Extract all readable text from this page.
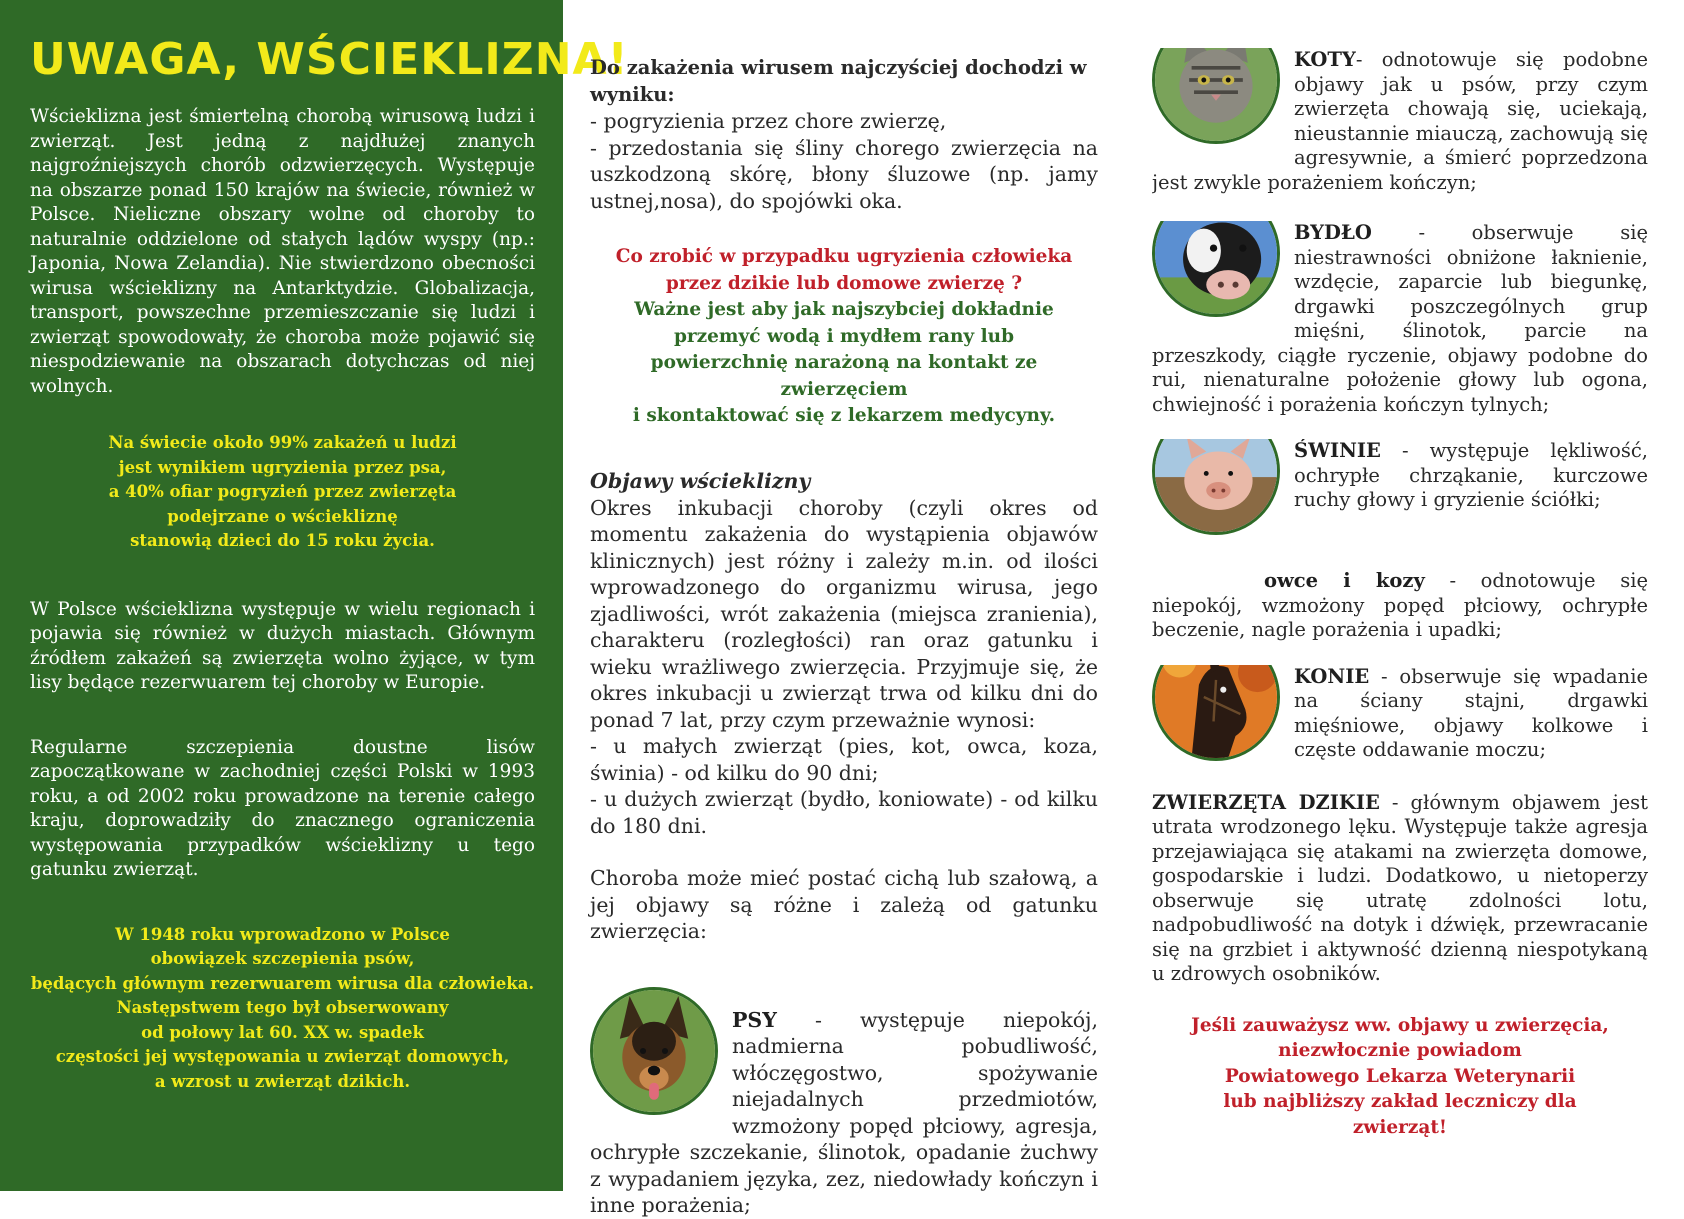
UWAGA, WŚCIEKLIZNA!

Wścieklizna jest śmiertelną chorobą wirusową ludzi i zwierząt. Jest jedną z najdłużej znanych najgroźniejszych chorób odzwierzęcych. Występuje na obszarze ponad 150 krajów na świecie, również w Polsce. Nieliczne obszary wolne od choroby to naturalnie oddzielone od stałych lądów wyspy (np.: Japonia, Nowa Zelandia). Nie stwierdzono obecności wirusa wścieklizny na Antarktydzie. Globalizacja, transport, powszechne przemieszczanie się ludzi i zwierząt spowodowały, że choroba może pojawić się niespodziewanie na obszarach dotychczas od niej wolnych.

Na świecie około 99% zakażeń u ludzi
jest wynikiem ugryzienia przez psa,
a 40% ofiar pogryzień przez zwierzęta
podejrzane o wściekliznę
stanowią dzieci do 15 roku życia.

W Polsce wścieklizna występuje w wielu regionach i pojawia się również w dużych miastach. Głównym źródłem zakażeń są zwierzęta wolno żyjące, w tym lisy będące rezerwuarem tej choroby w Europie.

Regularne szczepienia doustne lisów zapoczątkowane w zachodniej części Polski w 1993 roku, a od 2002 roku prowadzone na terenie całego kraju, doprowadziły do znacznego ograniczenia występowania przypadków wścieklizny u tego gatunku zwierząt.

W 1948 roku wprowadzono w Polsce
obowiązek szczepienia psów,
będących głównym rezerwuarem wirusa dla człowieka.
Następstwem tego był obserwowany
od połowy lat 60. XX w. spadek
częstości jej występowania u zwierząt domowych,
a wzrost u zwierząt dzikich.
Do zakażenia wirusem najczyściej dochodzi w wyniku:
- pogryzienia przez chore zwierzę,
- przedostania się śliny chorego zwierzęcia na uszkodzoną skórę, błony śluzowe (np. jamy ustnej,nosa), do spojówki oka.
Co zrobić w przypadku ugryzienia człowieka
przez dzikie lub domowe zwierzę ?
Ważne jest aby jak najszybciej dokładnie
przemyć wodą i mydłem rany lub
powierzchnię narażoną na kontakt ze
zwierzęciem
i skontaktować się z lekarzem medycyny.
Objawy wścieklizny
Okres inkubacji choroby (czyli okres od momentu zakażenia do wystąpienia objawów klinicznych) jest różny i zależy m.in. od ilości wprowadzonego do organizmu wirusa, jego zjadliwości, wrót zakażenia (miejsca zranienia), charakteru (rozległości) ran oraz gatunku i wieku wrażliwego zwierzęcia. Przyjmuje się, że okres inkubacji u zwierząt trwa od kilku dni do ponad 7 lat, przy czym przeważnie wynosi:
- u małych zwierząt (pies, kot, owca, koza, świnia) - od kilku do 90 dni;
- u dużych zwierząt (bydło, koniowate) - od kilku do 180 dni.
Choroba może mieć postać cichą lub szałową, a jej objawy są różne i zależą od gatunku zwierzęcia:
PSY - występuje niepokój, nadmierna pobudliwość, włóczęgostwo, spożywanie niejadalnych przedmiotów, wzmożony popęd płciowy, agresja, ochrypłe szczekanie, ślinotok, opadanie żuchwy z wypadaniem języka, zez, niedowłady kończyn i inne porażenia;
KOTY- odnotowuje się podobne objawy jak u psów, przy czym zwierzęta chowają się, uciekają, nieustannie miauczą, zachowują się agresywnie, a śmierć poprzedzona jest zwykle porażeniem kończyn;
BYDŁO - obserwuje się niestrawności obniżone łaknienie, wzdęcie, zaparcie lub biegunkę, drgawki poszczególnych grup mięśni, ślinotok, parcie na przeszkody, ciągłe ryczenie, objawy podobne do rui, nienaturalne położenie głowy lub ogona, chwiejność i porażenia kończyn tylnych;
ŚWINIE - występuje lękliwość, ochrypłe chrząkanie, kurczowe ruchy głowy i gryzienie ściółki;
owce i kozy - odnotowuje się niepokój, wzmożony popęd płciowy, ochrypłe beczenie, nagle porażenia i upadki;
KONIE - obserwuje się wpadanie na ściany stajni, drgawki mięśniowe, objawy kolkowe i częste oddawanie moczu;
ZWIERZĘTA DZIKIE - głównym objawem jest utrata wrodzonego lęku. Występuje także agresja przejawiająca się atakami na zwierzęta domowe, gospodarskie i ludzi. Dodatkowo, u nietoperzy obserwuje się utratę zdolności lotu, nadpobudliwość na dotyk i dźwięk, przewracanie się na grzbiet i aktywność dzienną niespotykaną u zdrowych osobników.
Jeśli zauważysz ww. objawy u zwierzęcia,
niezwłocznie powiadom
Powiatowego Lekarza Weterynarii
lub najbliższy zakład leczniczy dla
zwierząt!
